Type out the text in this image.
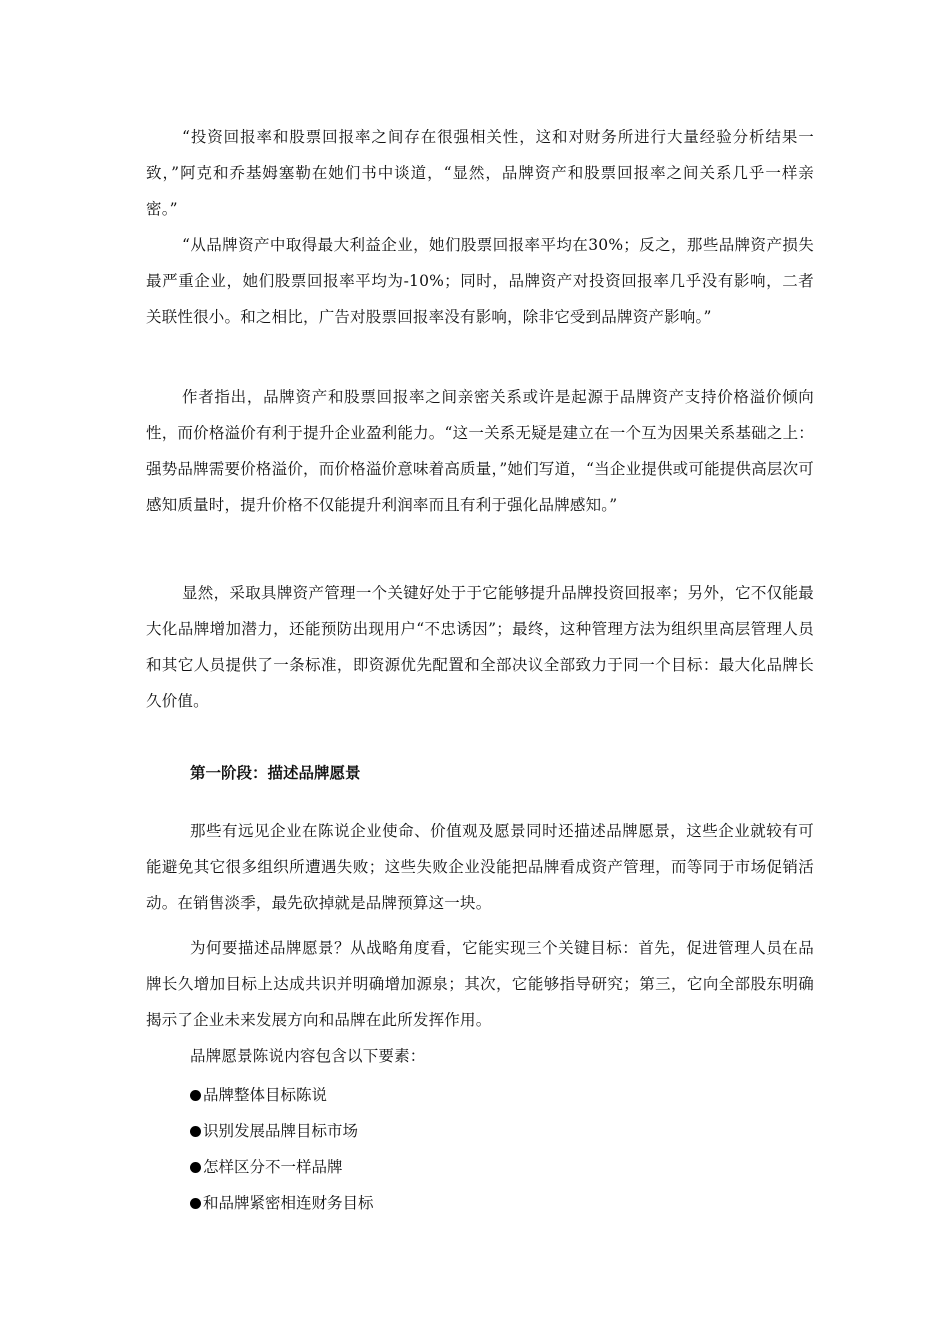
“投资回报率和股票回报率之间存在很强相关性，这和对财务所进行大量经验分析结果一致，”阿克和乔基姆塞勒在她们书中谈道，“显然，品牌资产和股票回报率之间关系几乎一样亲密。”

“从品牌资产中取得最大利益企业，她们股票回报率平均在30%；反之，那些品牌资产损失最严重企业，她们股票回报率平均为-10%；同时，品牌资产对投资回报率几乎没有影响，二者关联性很小。和之相比，广告对股票回报率没有影响，除非它受到品牌资产影响。”

作者指出，品牌资产和股票回报率之间亲密关系或许是起源于品牌资产支持价格溢价倾向性，而价格溢价有利于提升企业盈利能力。“这一关系无疑是建立在一个互为因果关系基础之上：强势品牌需要价格溢价，而价格溢价意味着高质量，”她们写道，“当企业提供或可能提供高层次可感知质量时，提升价格不仅能提升利润率而且有利于强化品牌感知。”

显然，采取具牌资产管理一个关键好处于于它能够提升品牌投资回报率；另外，它不仅能最大化品牌增加潜力，还能预防出现用户“不忠诱因”；最终，这种管理方法为组织里高层管理人员和其它人员提供了一条标准，即资源优先配置和全部决议全部致力于同一个目标：最大化品牌长久价值。

第一阶段：描述品牌愿景

那些有远见企业在陈说企业使命、价值观及愿景同时还描述品牌愿景，这些企业就较有可能避免其它很多组织所遭遇失败；这些失败企业没能把品牌看成资产管理，而等同于市场促销活动。在销售淡季，最先砍掉就是品牌预算这一块。

为何要描述品牌愿景？从战略角度看，它能实现三个关键目标：首先，促进管理人员在品牌长久增加目标上达成共识并明确增加源泉；其次，它能够指导研究；第三，它向全部股东明确揭示了企业未来发展方向和品牌在此所发挥作用。

品牌愿景陈说内容包含以下要素：

品牌整体目标陈说
识别发展品牌目标市场
怎样区分不一样品牌
和品牌紧密相连财务目标
